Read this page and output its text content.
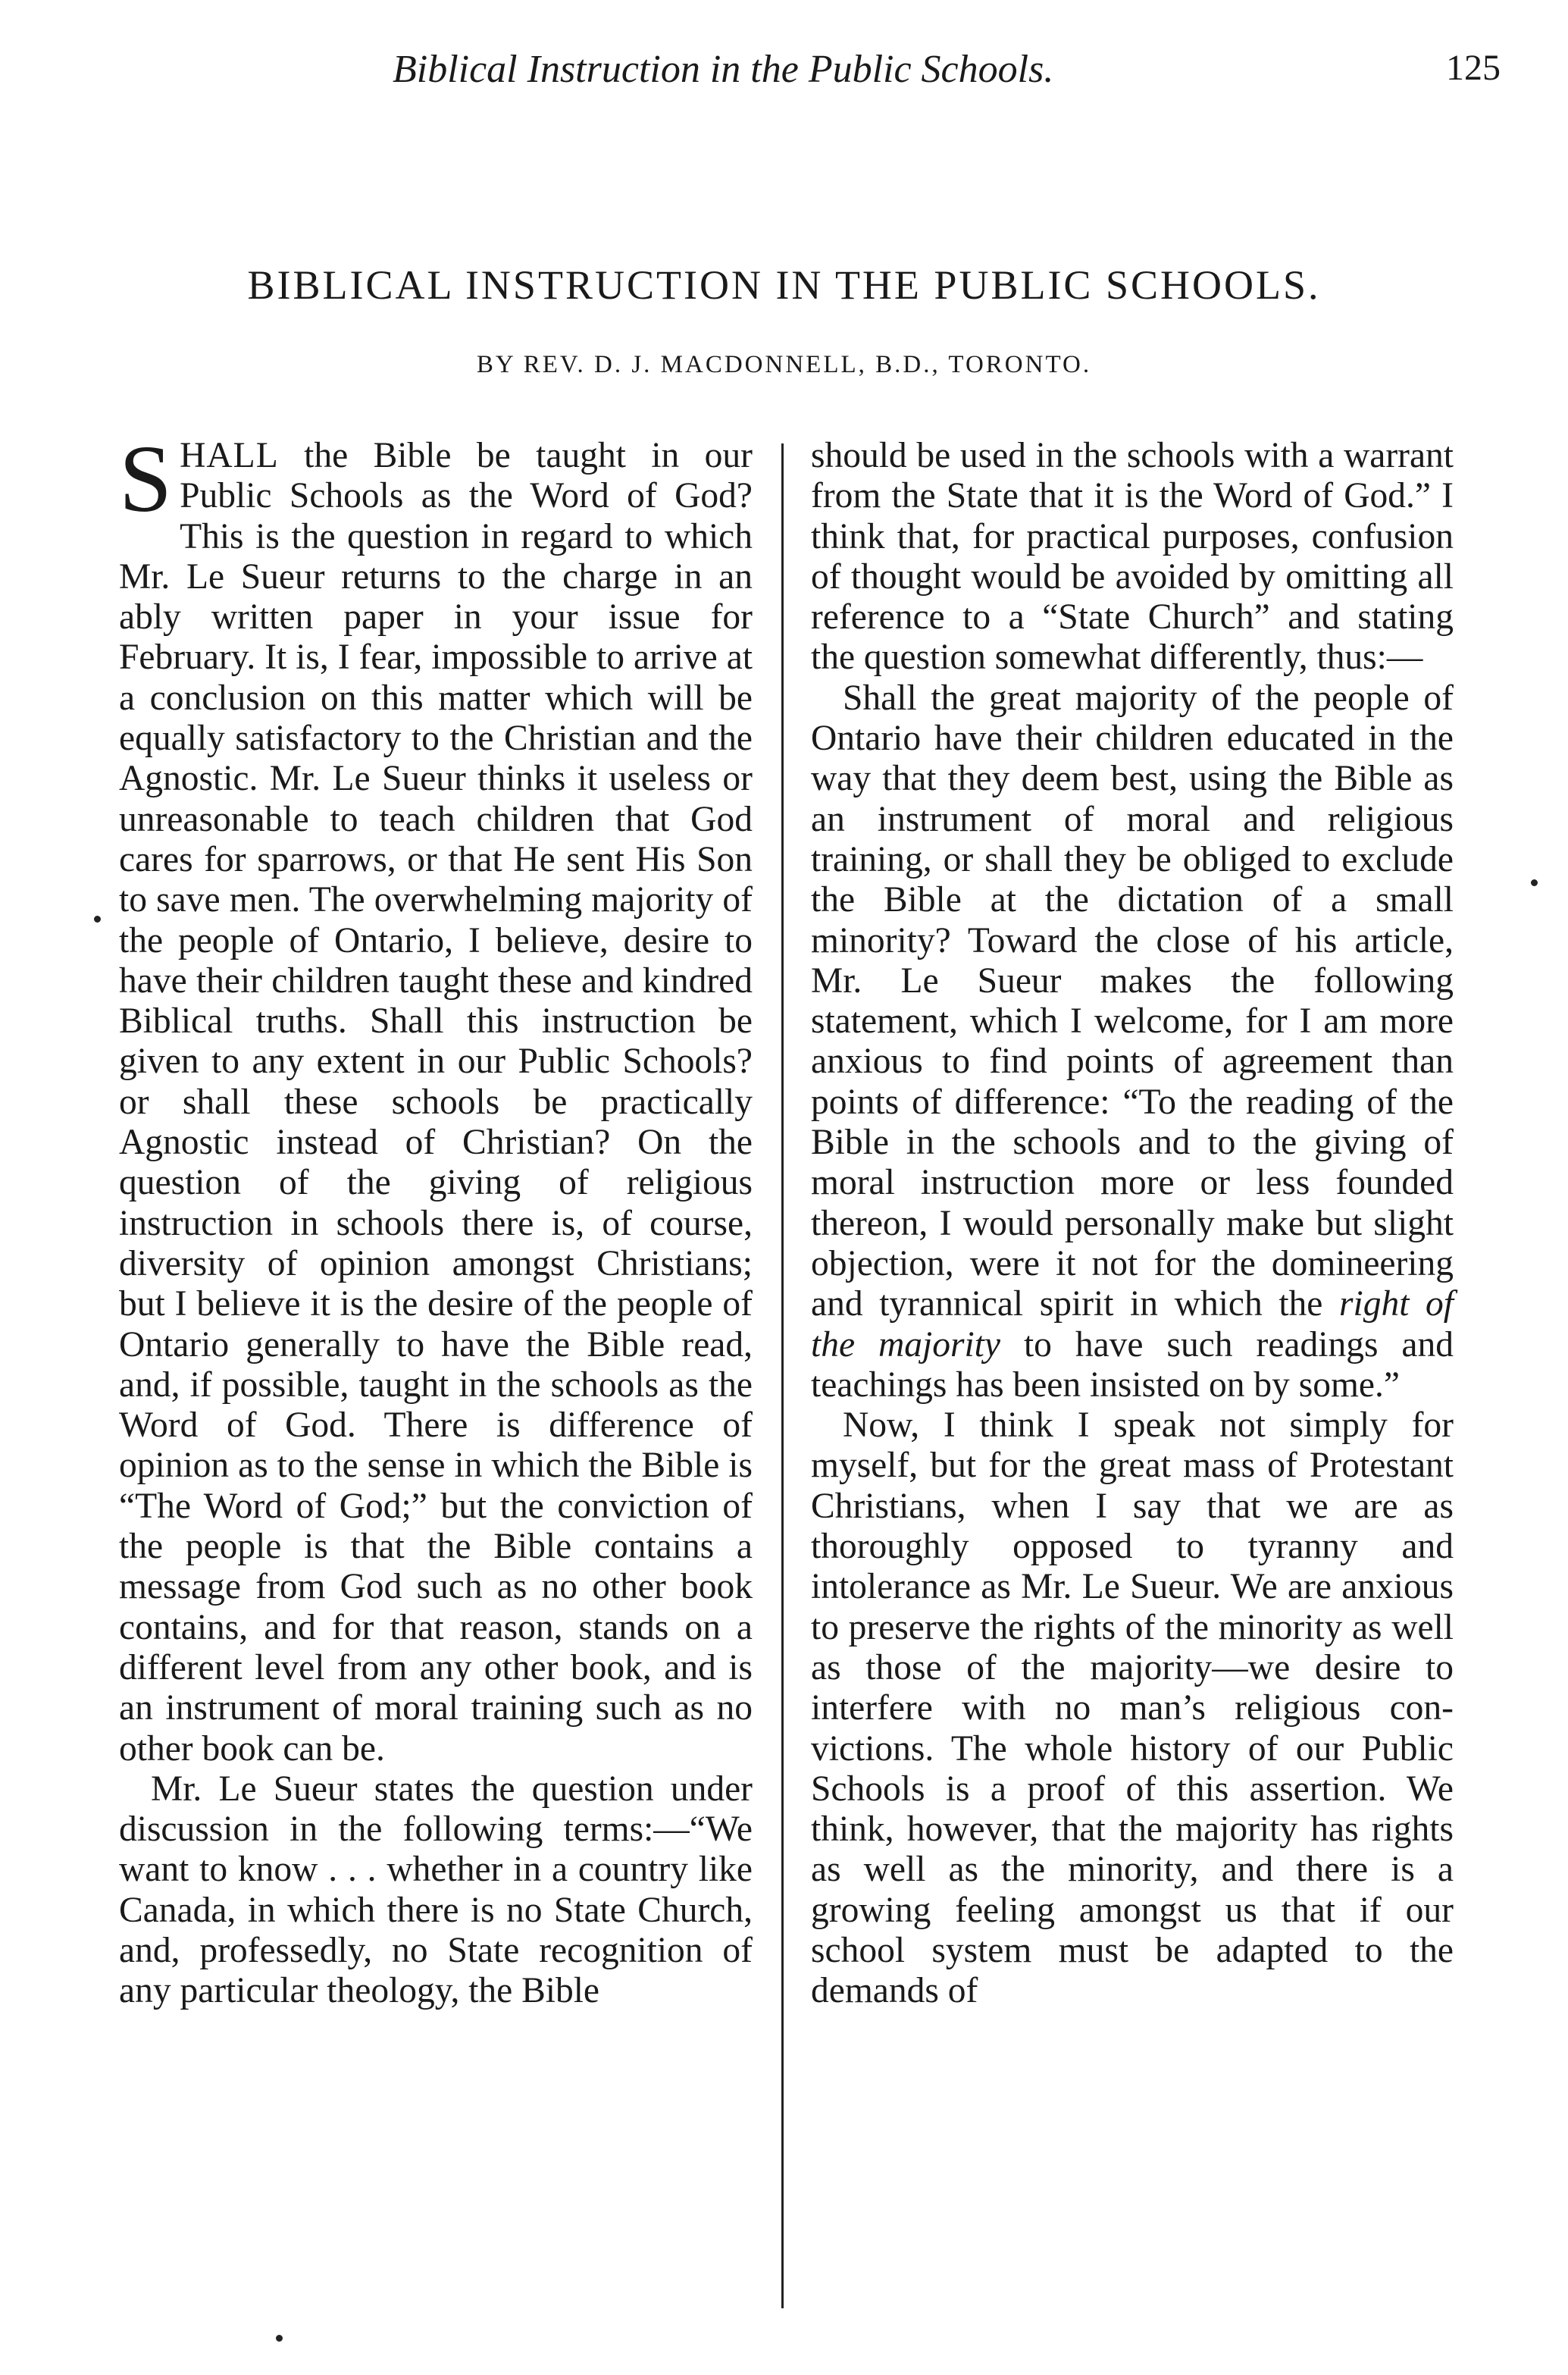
Biblical Instruction in the Public Schools.	125
BIBLICAL INSTRUCTION IN THE PUBLIC SCHOOLS.
BY REV. D. J. MACDONNELL, B.D., TORONTO.

SHALL the Bible be taught in our Public Schools as the Word of God? This is the question in regard to which Mr. Le Sueur returns to the charge in an ably written paper in your issue for February. It is, I fear, impossible to arrive at a conclusion on this matter which will be equally satisfactory to the Christian and the Agnostic. Mr. Le Sueur thinks it useless or unreasonable to teach children that God cares for sparrows, or that He sent His Son to save men. The overwhelming majority of the people of Ontario, I believe, desire to have their children taught these and kindred Biblical truths. Shall this instruction be given to any extent in our Public Schools? or shall these schools be practically Agnostic instead of Christian? On the question of the giving of religious instruction in schools there is, of course, diversity of opinion amongst Christians; but I believe it is the desire of the people of Ontario generally to have the Bible read, and, if possible, taught in the schools as the Word of God. There is difference of opinion as to the sense in which the Bible is “The Word of God;” but the conviction of the people is that the Bible contains a message from God such as no other book contains, and for that reason, stands on a different level from any other book, and is an instrument of moral training such as no other book can be.

Mr. Le Sueur states the question under discussion in the following terms:—“We want to know . . . whether in a country like Canada, in which there is no State Church, and, professedly, no State recognition of any particular theology, the Bible

should be used in the schools with a warrant from the State that it is the Word of God.” I think that, for practical purposes, confusion of thought would be avoided by omitting all reference to a “State Church” and stating the question somewhat differently, thus:—

Shall the great majority of the people of Ontario have their children educated in the way that they deem best, using the Bible as an instrument of moral and religious training, or shall they be obliged to exclude the Bible at the dictation of a small minority? Toward the close of his article, Mr. Le Sueur makes the following statement, which I welcome, for I am more anxious to find points of agreement than points of difference: “To the reading of the Bible in the schools and to the giving of moral instruction more or less founded thereon, I would personally make but slight objection, were it not for the domineering and tyrannical spirit in which the right of the majority to have such readings and teachings has been insisted on by some.”

Now, I think I speak not simply for myself, but for the great mass of Protestant Christians, when I say that we are as thoroughly opposed to tyranny and intolerance as Mr. Le Sueur. We are anxious to preserve the rights of the minority as well as those of the majority—we desire to interfere with no man’s religious convictions. The whole history of our Public Schools is a proof of this assertion. We think, however, that the majority has rights as well as the minority, and there is a growing feeling amongst us that if our school system must be adapted to the demands of
